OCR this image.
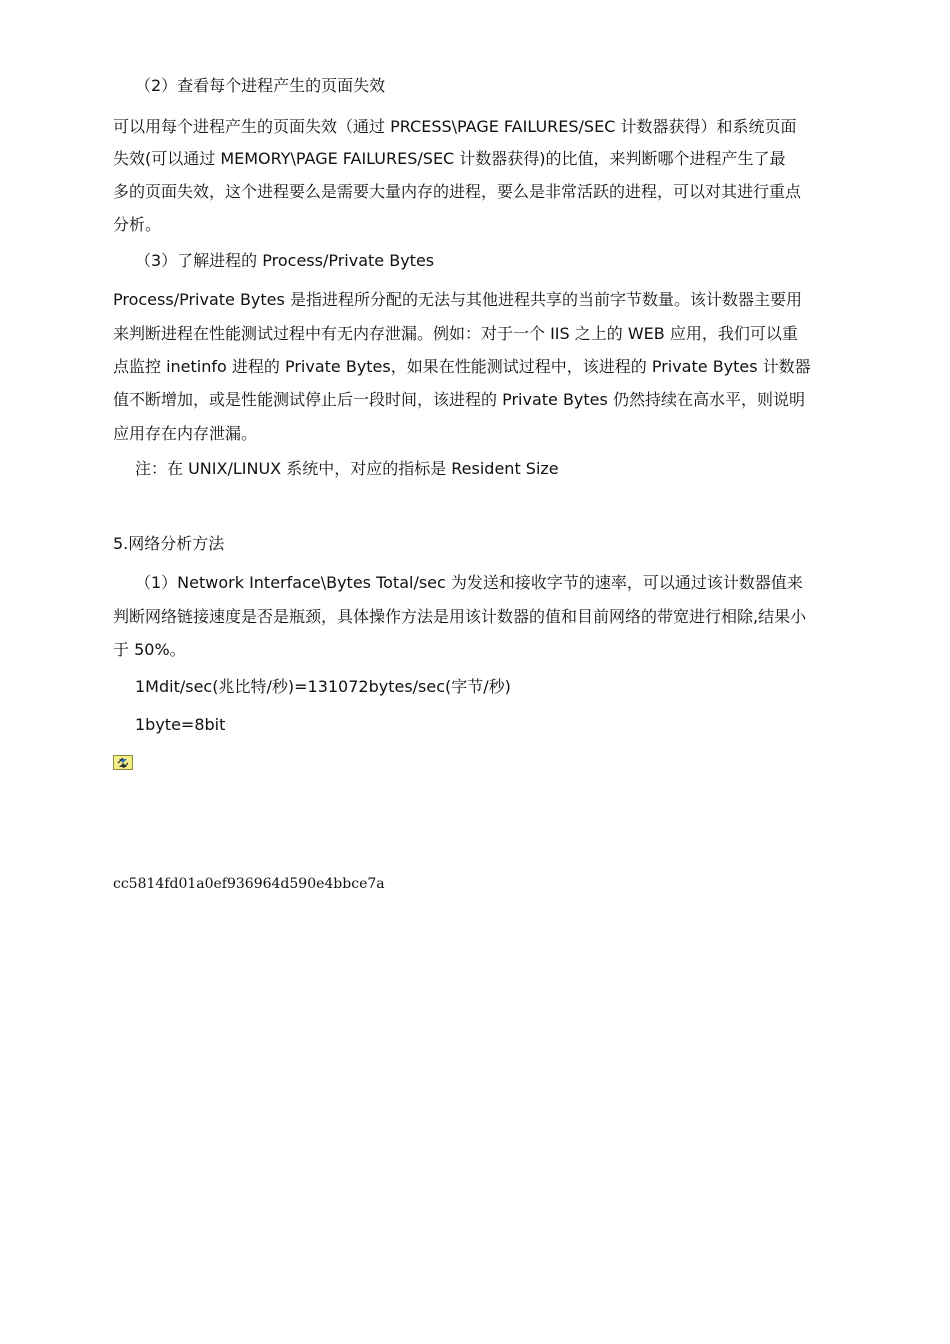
（2）查看每个进程产生的页面失效
可以用每个进程产生的页面失效（通过 PRCESS\PAGE FAILURES/SEC 计数器获得）和系统页面
失效(可以通过 MEMORY\PAGE FAILURES/SEC 计数器获得)的比值，来判断哪个进程产生了最
多的页面失效，这个进程要么是需要大量内存的进程，要么是非常活跃的进程，可以对其进行重点
分析。
（3）了解进程的 Process/Private Bytes
Process/Private Bytes 是指进程所分配的无法与其他进程共享的当前字节数量。该计数器主要用
来判断进程在性能测试过程中有无内存泄漏。例如：对于一个 IIS 之上的 WEB 应用，我们可以重
点监控 inetinfo 进程的 Private Bytes，如果在性能测试过程中，该进程的 Private Bytes 计数器
值不断增加，或是性能测试停止后一段时间，该进程的 Private Bytes 仍然持续在高水平，则说明
应用存在内存泄漏。
注：在 UNIX/LINUX 系统中，对应的指标是 Resident Size
5.网络分析方法
（1）Network Interface\Bytes Total/sec 为发送和接收字节的速率，可以通过该计数器值来
判断网络链接速度是否是瓶颈，具体操作方法是用该计数器的值和目前网络的带宽进行相除,结果小
于 50%。
1Mdit/sec(兆比特/秒)=131072bytes/sec(字节/秒)
1byte=8bit
cc5814fd01a0ef936964d590e4bbce7a
